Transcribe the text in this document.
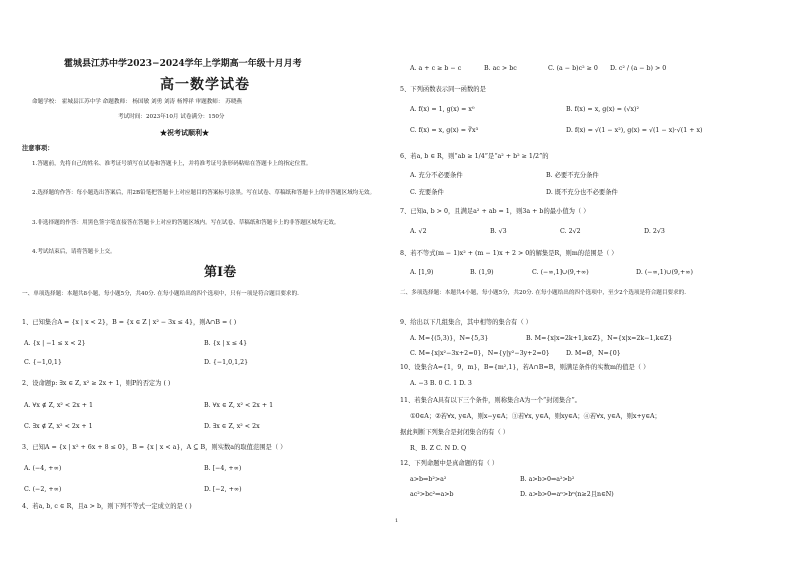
霍城县江苏中学2023−2024学年上学期高一年级十月月考
高一数学试卷
命题学校： 霍城县江苏中学 命题教师： 杨国敏 刘勇 刘涛 杨博祥 审题教师： 苏晓燕
考试时间：2023年10月 试卷满分：150分
★祝考试顺利★
注意事项：
1.答题前，先将自己的姓名、准考证号填写在试卷和答题卡上，并将准考证号条形码粘贴在答题卡上的指定位置。
2.选择题的作答：每小题选出答案后，用2B铅笔把答题卡上对应题目的答案标号涂黑。写在试卷、草稿纸和答题卡上的非答题区域均无效。
3.非选择题的作答：用黑色签字笔直接答在答题卡上对应的答题区域内。写在试卷、草稿纸和答题卡上的非答题区域均无效。
4.考试结束后，请将答题卡上交。
第Ⅰ卷
一、单项选择题：本题共8小题，每小题5分，共40分. 在每小题给出的四个选项中，只有一项是符合题目要求的.
1、已知集合A = {x | x < 2}，B = {x ∈ Z | x² − 3x ≤ 4}，则A∩B = ( )
A. {x | −1 ≤ x < 2}	B. {x | x ≤ 4}
C. {−1,0,1}	D. {−1,0,1,2}
2、设命题p: ∃x ∈ Z, x² ≥ 2x + 1，则P的否定为 ( )
A. ∀x ∉ Z, x² < 2x + 1	B. ∀x ∈ Z, x² < 2x + 1
C. ∃x ∉ Z, x² < 2x + 1	D. ∃x ∈ Z, x² < 2x
3、已知A = {x | x² + 6x + 8 ≤ 0}，B = {x | x < a}，A ⊆ B，则实数a的取值范围是（ ）
A. (−4, +∞)	B. [−4, +∞)
C. (−2, +∞)	D. [−2, +∞)
4、若a, b, c ∈ R，且a > b，则下列不等式一定成立的是 ( )
1
A. a + c ≥ b − c	B. ac > bc	C. (a − b)c² ≥ 0 D. c² / (a − b) > 0
5、下列函数表示同一函数的是
A. f(x) = 1, g(x) = x⁰	B. f(x) = x, g(x) = (√x)²
C. f(x) = x, g(x) = ∛x³	D. f(x) = √(1 − x²), g(x) = √(1 − x)·√(1 + x)
6、若a, b ∈ R，则“ab ≥ 1/4”是“a² + b² ≥ 1/2”的
A. 充分不必要条件	B. 必要不充分条件
C. 充要条件	D. 既不充分也不必要条件
7、已知a, b > 0，且满足a² + ab = 1，则3a + b的最小值为（ ）
A. √2	B. √3	C. 2√2	D. 2√3
8、若不等式(m − 1)x² + (m − 1)x + 2 > 0的解集是R，则m的范围是（ ）
A. [1,9)	B. (1,9)	C. (−∞,1]∪(9,+∞)	D. (−∞,1)∪(9,+∞)
二、多项选择题：本题共4小题，每小题5分，共20分. 在每小题给出的四个选项中，至少2个选项是符合题目要求的.
9、给出以下几组集合，其中相等的集合有（ ）
A. M={(5,3)}，N={5,3}	B. M={x|x=2k+1,k∈Z}，N={x|x=2k−1,k∈Z}
C. M={x|x²−3x+2=0}，N={y|y²−3y+2=0}	D. M=Ø，N={0}
10、设集合A={1，9，m}，B={m²,1}，若A∩B=B，则满足条件的实数m的值是（ ）
A. −3 B. 0 C. 1 D. 3
11、若集合A具有以下三个条件，则称集合A为一个“封闭集合”。
①0∈A；②若∀x, y∈A，则x−y∈A；③若∀x, y∈A，则xy∈A；④若∀x, y∈A，则x+y∈A；
据此判断下列集合是封闭集合的有（ ）
R、B. Z C. N D. Q
12、下列命题中是真命题的有（ ）
a>b⇒b²>a²	B. a>b>0⇒a²>b²
ac²>bc²⇒a>b	D. a>b>0⇒aⁿ>bⁿ(n≥2且n∈N)
